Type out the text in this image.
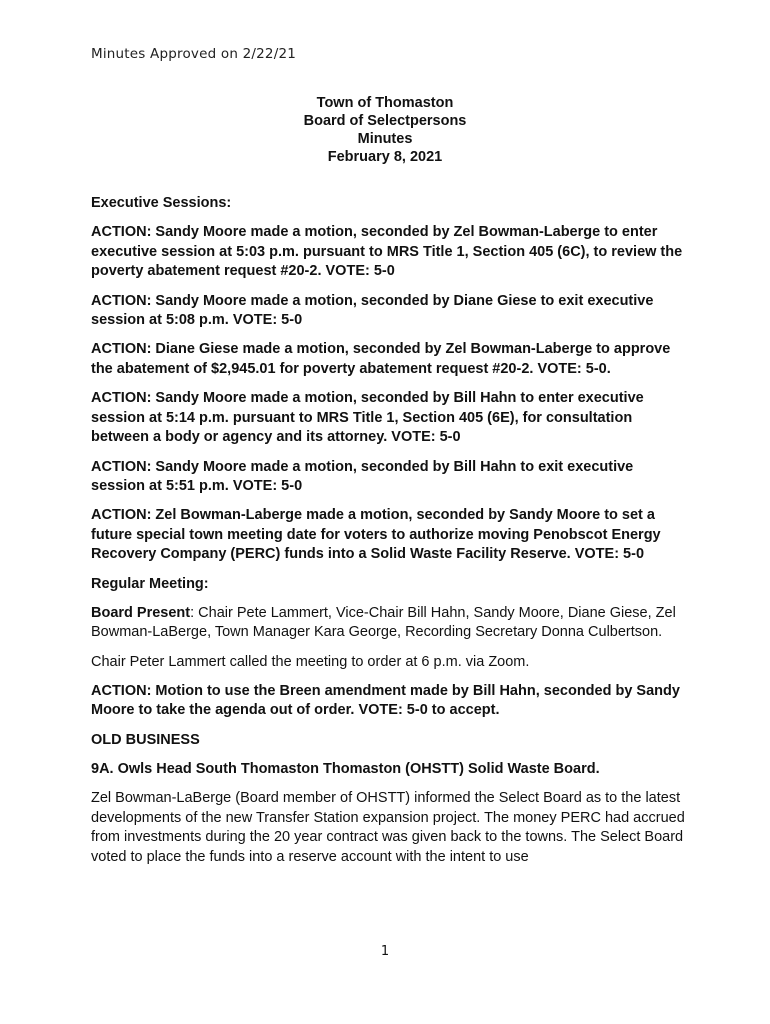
Minutes Approved on 2/22/21
Town of Thomaston
Board of Selectpersons
Minutes
February 8, 2021

Executive Sessions:

ACTION: Sandy Moore made a motion, seconded by Zel Bowman-Laberge to enter executive session at 5:03 p.m. pursuant to MRS Title 1, Section 405 (6C), to review the poverty abatement request #20-2. VOTE: 5-0

ACTION: Sandy Moore made a motion, seconded by Diane Giese to exit executive session at 5:08 p.m. VOTE: 5-0

ACTION: Diane Giese made a motion, seconded by Zel Bowman-Laberge to approve the abatement of $2,945.01 for poverty abatement request #20-2. VOTE: 5-0.

ACTION: Sandy Moore made a motion, seconded by Bill Hahn to enter executive session at 5:14 p.m. pursuant to MRS Title 1, Section 405 (6E), for consultation between a body or agency and its attorney. VOTE: 5-0

ACTION: Sandy Moore made a motion, seconded by Bill Hahn to exit executive session at 5:51 p.m. VOTE: 5-0

ACTION: Zel Bowman-Laberge made a motion, seconded by Sandy Moore to set a future special town meeting date for voters to authorize moving Penobscot Energy Recovery Company (PERC) funds into a Solid Waste Facility Reserve. VOTE: 5-0

Regular Meeting:

Board Present: Chair Pete Lammert, Vice-Chair Bill Hahn, Sandy Moore, Diane Giese, Zel Bowman-LaBerge, Town Manager Kara George, Recording Secretary Donna Culbertson.

Chair Peter Lammert called the meeting to order at 6 p.m. via Zoom.

ACTION: Motion to use the Breen amendment made by Bill Hahn, seconded by Sandy Moore to take the agenda out of order. VOTE: 5-0 to accept.

OLD BUSINESS

9A. Owls Head South Thomaston Thomaston (OHSTT) Solid Waste Board.

Zel Bowman-LaBerge (Board member of OHSTT) informed the Select Board as to the latest developments of the new Transfer Station expansion project. The money PERC had accrued from investments during the 20 year contract was given back to the towns. The Select Board voted to place the funds into a reserve account with the intent to use

1
